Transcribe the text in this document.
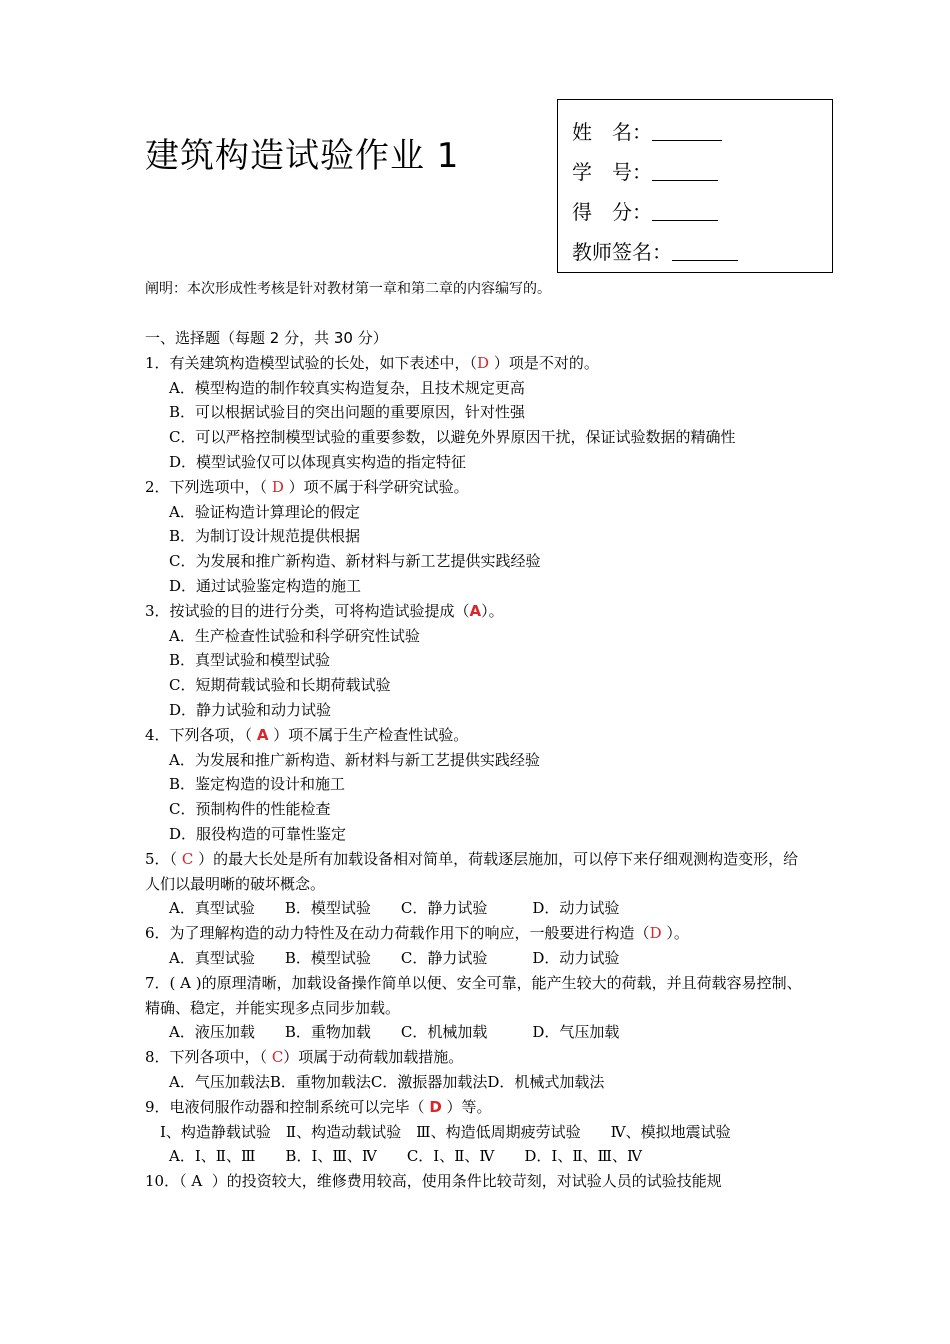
建筑构造试验作业 1
姓　名：
学　号：
得　分：
教师签名：
阐明：本次形成性考核是针对教材第一章和第二章的内容编写的。
一、选择题（每题 2 分，共 30 分）
1．有关建筑构造模型试验的长处，如下表述中，（D ）项是不对的。
A．模型构造的制作较真实构造复杂，且技术规定更高
B．可以根据试验目的突出问题的重要原因，针对性强
C．可以严格控制模型试验的重要参数，以避免外界原因干扰，保证试验数据的精确性
D．模型试验仅可以体现真实构造的指定特征
2．下列选项中，（ D ）项不属于科学研究试验。
A．验证构造计算理论的假定
B．为制订设计规范提供根据
C．为发展和推广新构造、新材料与新工艺提供实践经验
D．通过试验鉴定构造的施工
3．按试验的目的进行分类，可将构造试验提成（A）。
A．生产检查性试验和科学研究性试验
B．真型试验和模型试验
C．短期荷载试验和长期荷载试验
D．静力试验和动力试验
4．下列各项，（ A ）项不属于生产检查性试验。
A．为发展和推广新构造、新材料与新工艺提供实践经验
B．鉴定构造的设计和施工
C．预制构件的性能检查
D．服役构造的可靠性鉴定
5．（ C ）的最大长处是所有加载设备相对简单，荷载逐层施加，可以停下来仔细观测构造变形，给人们以最明晰的破坏概念。
A．真型试验　　B．模型试验　　C．静力试验　　　D．动力试验
6．为了理解构造的动力特性及在动力荷载作用下的响应，一般要进行构造（D ）。
A．真型试验　　B．模型试验　　C．静力试验　　　D．动力试验
7．( A )的原理清晰，加载设备操作简单以便、安全可靠，能产生较大的荷载，并且荷载容易控制、精确、稳定，并能实现多点同步加载。
A．液压加载　　B．重物加载　　C．机械加载　　　D．气压加载
8．下列各项中，（ C）项属于动荷载加载措施。
A．气压加载法B．重物加载法C．激振器加载法D．机械式加载法
9．电液伺服作动器和控制系统可以完毕（ D ）等。
　Ⅰ、构造静载试验　Ⅱ、构造动载试验　Ⅲ、构造低周期疲劳试验　　Ⅳ、模拟地震试验
A．Ⅰ、Ⅱ、Ⅲ　　B．Ⅰ、Ⅲ、Ⅳ　　C．Ⅰ、Ⅱ、Ⅳ　　D．Ⅰ、Ⅱ、Ⅲ、Ⅳ
10．（ A  ）的投资较大，维修费用较高，使用条件比较苛刻，对试验人员的试验技能规
